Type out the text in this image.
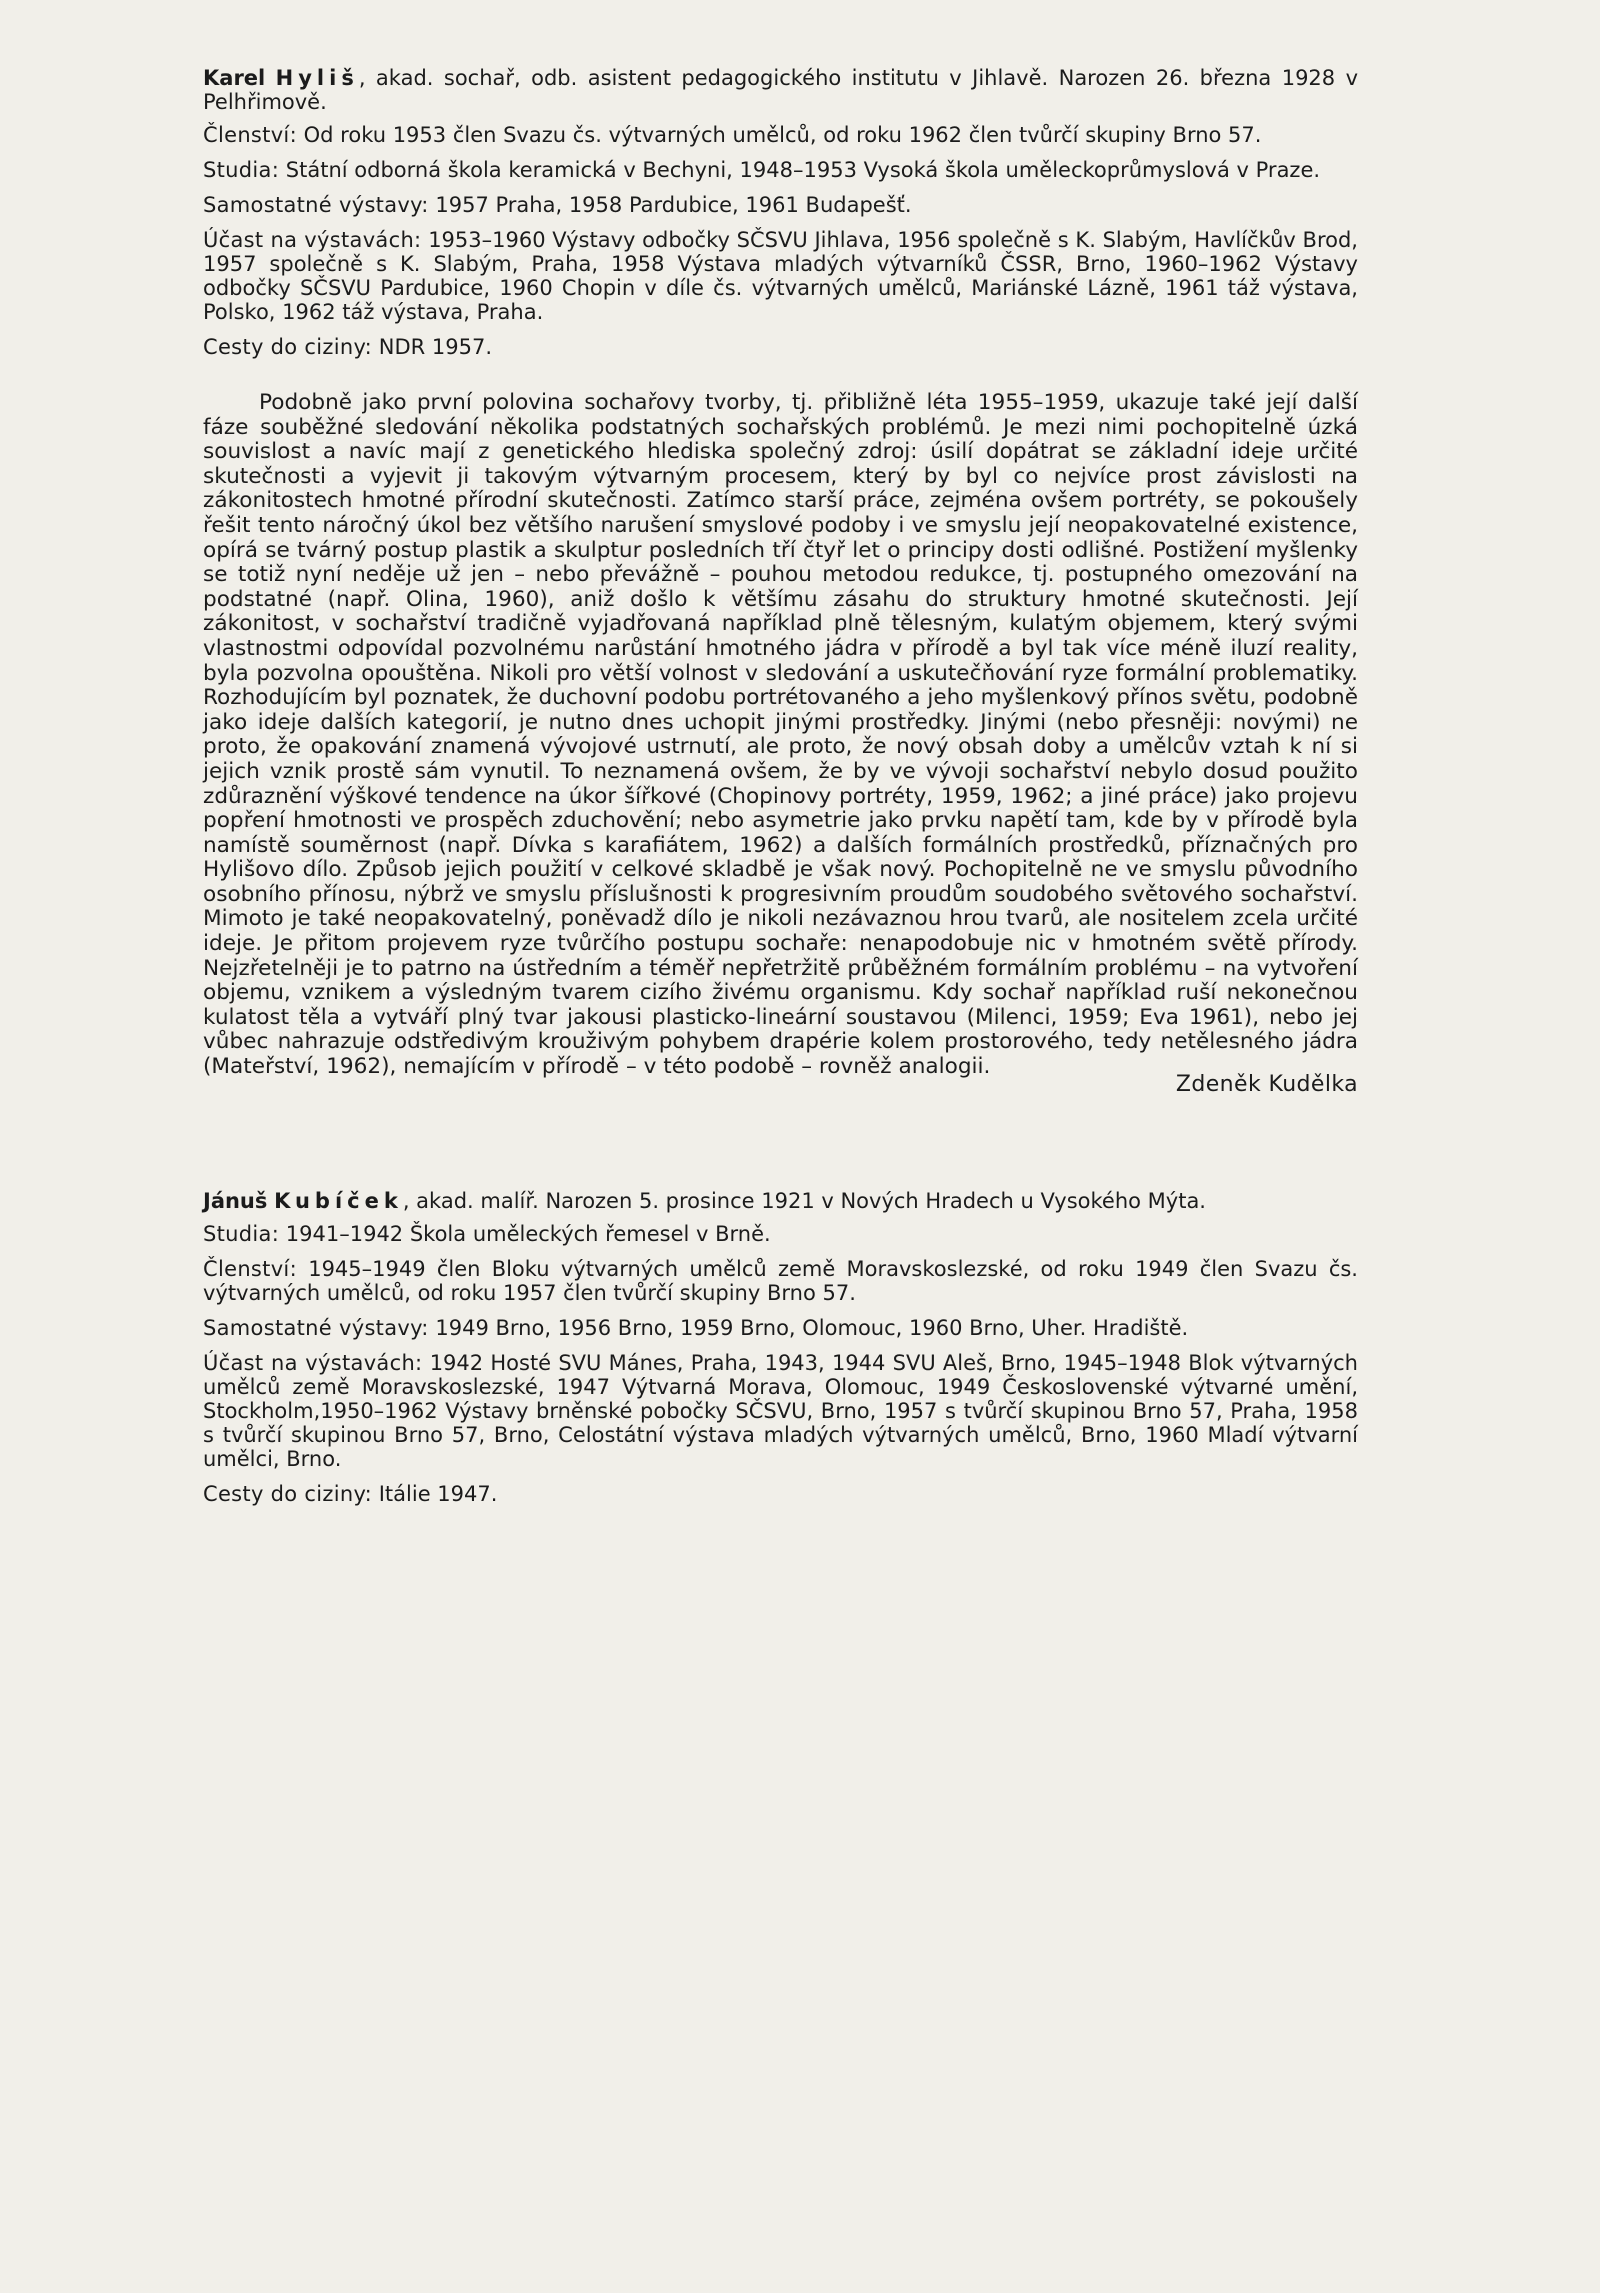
Karel Hyliš, akad. sochař, odb. asistent pedagogického institutu v Jihlavě. Narozen 26. března 1928 v Pelhřimově.

Členství: Od roku 1953 člen Svazu čs. výtvarných umělců, od roku 1962 člen tvůrčí skupiny Brno 57.

Studia: Státní odborná škola keramická v Bechyni, 1948–1953 Vysoká škola uměleckoprůmyslová v Praze.

Samostatné výstavy: 1957 Praha, 1958 Pardubice, 1961 Budapešť.

Účast na výstavách: 1953–1960 Výstavy odbočky SČSVU Jihlava, 1956 společně s K. Slabým, Havlíčkův Brod, 1957 společně s K. Slabým, Praha, 1958 Výstava mladých výtvarníků ČSSR, Brno, 1960–1962 Výstavy odbočky SČSVU Pardubice, 1960 Chopin v díle čs. výtvarných umělců, Mariánské Lázně, 1961 táž výstava, Polsko, 1962 táž výstava, Praha.

Cesty do ciziny: NDR 1957.

Podobně jako první polovina sochařovy tvorby, tj. přibližně léta 1955–1959, ukazuje také její další fáze souběžné sledování několika podstatných sochařských problémů. Je mezi nimi pochopitelně úzká souvislost a navíc mají z genetického hlediska společný zdroj: úsilí dopátrat se základní ideje určité skutečnosti a vyjevit ji takovým výtvarným procesem, který by byl co nejvíce prost závislosti na zákonitostech hmotné přírodní skutečnosti. Zatímco starší práce, zejména ovšem portréty, se pokoušely řešit tento náročný úkol bez většího narušení smyslové podoby i ve smyslu její neopakovatelné existence, opírá se tvárný postup plastik a skulptur posledních tří čtyř let o principy dosti odlišné. Postižení myšlenky se totiž nyní neděje už jen – nebo převážně – pouhou metodou redukce, tj. postupného omezování na podstatné (např. Olina, 1960), aniž došlo k většímu zásahu do struktury hmotné skutečnosti. Její zákonitost, v sochařství tradičně vyjadřovaná například plně tělesným, kulatým objemem, který svými vlastnostmi odpovídal pozvolnému narůstání hmotného jádra v přírodě a byl tak více méně iluzí reality, byla pozvolna opouštěna. Nikoli pro větší volnost v sledování a uskutečňování ryze formální problematiky. Rozhodujícím byl poznatek, že duchovní podobu portrétovaného a jeho myšlenkový přínos světu, podobně jako ideje dalších kategorií, je nutno dnes uchopit jinými prostředky. Jinými (nebo přesněji: novými) ne proto, že opakování znamená vývojové ustrnutí, ale proto, že nový obsah doby a umělcův vztah k ní si jejich vznik prostě sám vynutil. To neznamená ovšem, že by ve vývoji sochařství nebylo dosud použito zdůraznění výškové tendence na úkor šířkové (Chopinovy portréty, 1959, 1962; a jiné práce) jako projevu popření hmotnosti ve prospěch zduchovění; nebo asymetrie jako prvku napětí tam, kde by v přírodě byla namístě souměrnost (např. Dívka s karafiátem, 1962) a dalších formálních prostředků, příznačných pro Hylišovo dílo. Způsob jejich použití v celkové skladbě je však nový. Pochopitelně ne ve smyslu původního osobního přínosu, nýbrž ve smyslu příslušnosti k progresivním proudům soudobého světového sochařství. Mimoto je také neopakovatelný, poněvadž dílo je nikoli nezávaznou hrou tvarů, ale nositelem zcela určité ideje. Je přitom projevem ryze tvůrčího postupu sochaře: nenapodobuje nic v hmotném světě přírody. Nejzřetelněji je to patrno na ústředním a téměř nepřetržitě průběžném formálním problému – na vytvoření objemu, vznikem a výsledným tvarem cizího živému organismu. Kdy sochař například ruší nekonečnou kulatost těla a vytváří plný tvar jakousi plasticko-lineární soustavou (Milenci, 1959; Eva 1961), nebo jej vůbec nahrazuje odstředivým krouživým pohybem drapérie kolem prostorového, tedy netělesného jádra (Mateřství, 1962), nemajícím v přírodě – v této podobě – rovněž analogii.

Zdeněk Kudělka

Jánuš Kubíček, akad. malíř. Narozen 5. prosince 1921 v Nových Hradech u Vysokého Mýta.

Studia: 1941–1942 Škola uměleckých řemesel v Brně.

Členství: 1945–1949 člen Bloku výtvarných umělců země Moravskoslezské, od roku 1949 člen Svazu čs. výtvarných umělců, od roku 1957 člen tvůrčí skupiny Brno 57.

Samostatné výstavy: 1949 Brno, 1956 Brno, 1959 Brno, Olomouc, 1960 Brno, Uher. Hradiště.

Účast na výstavách: 1942 Hosté SVU Mánes, Praha, 1943, 1944 SVU Aleš, Brno, 1945–1948 Blok výtvarných umělců země Moravskoslezské, 1947 Výtvarná Morava, Olomouc, 1949 Československé výtvarné umění, Stockholm,1950–1962 Výstavy brněnské pobočky SČSVU, Brno, 1957 s tvůrčí skupinou Brno 57, Praha, 1958 s tvůrčí skupinou Brno 57, Brno, Celostátní výstava mladých výtvarných umělců, Brno, 1960 Mladí výtvarní umělci, Brno.

Cesty do ciziny: Itálie 1947.
